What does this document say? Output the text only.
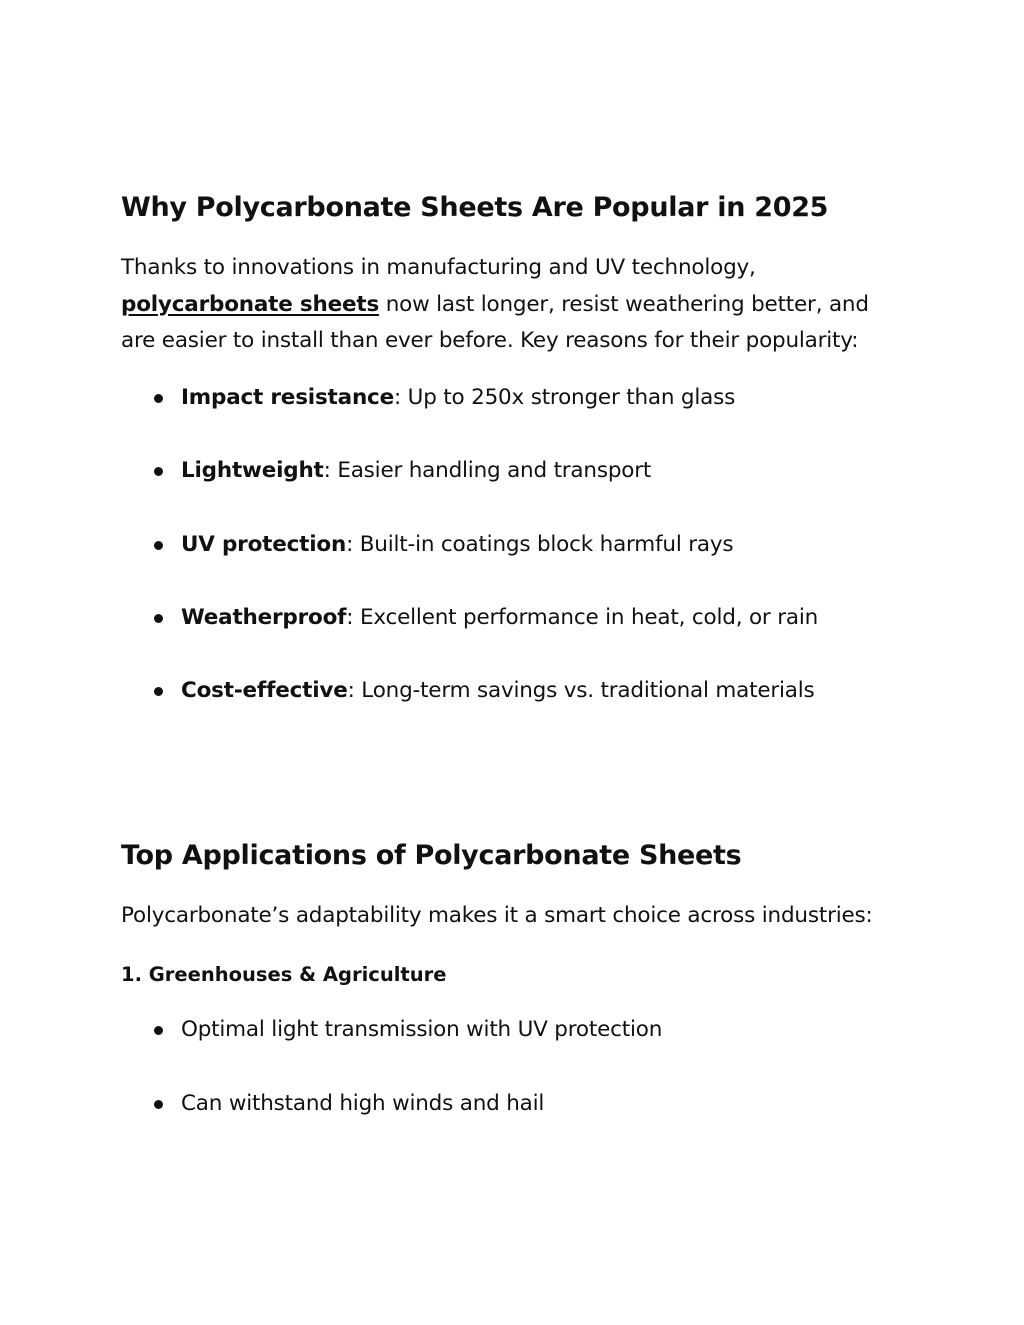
Why Polycarbonate Sheets Are Popular in 2025

Thanks to innovations in manufacturing and UV technology,
polycarbonate sheets now last longer, resist weathering better, and are easier to install than ever before. Key reasons for their popularity:

Impact resistance: Up to 250x stronger than glass
Lightweight: Easier handling and transport
UV protection: Built-in coatings block harmful rays
Weatherproof: Excellent performance in heat, cold, or rain
Cost-effective: Long-term savings vs. traditional materials
Top Applications of Polycarbonate Sheets

Polycarbonate’s adaptability makes it a smart choice across industries:

1. Greenhouses & Agriculture
Optimal light transmission with UV protection
Can withstand high winds and hail
